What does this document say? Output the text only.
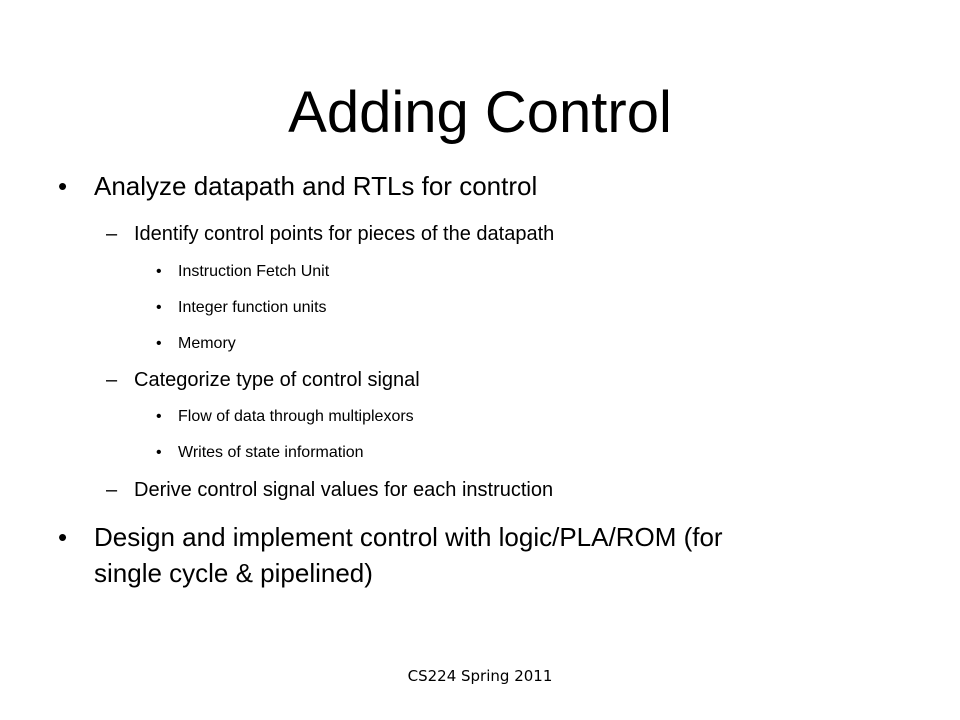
Adding Control
• Analyze datapath and RTLs for control
– Identify control points for pieces of the datapath
• Instruction Fetch Unit
• Integer function units
• Memory
– Categorize type of control signal
• Flow of data through multiplexors
• Writes of state information
– Derive control signal values for each instruction
• Design and implement control with logic/PLA/ROM (for
single cycle & pipelined)
CS224 Spring 2011
